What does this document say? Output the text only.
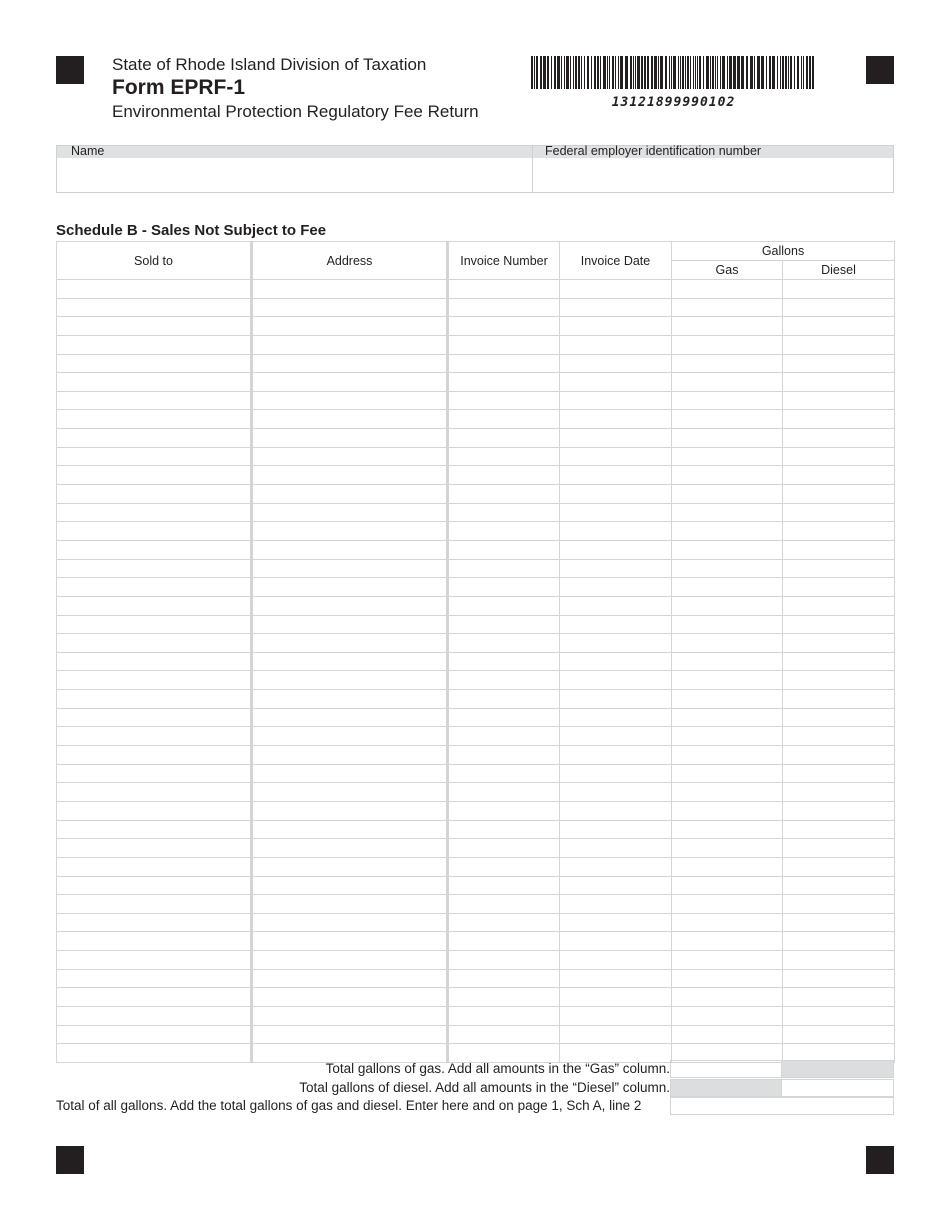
State of Rhode Island Division of Taxation
Form EPRF-1
Environmental Protection Regulatory Fee Return	13121899990102
Name	Federal employer identification number
Schedule B - Sales Not Subject to Fee
Sold to	Address	Invoice Number	Invoice Date	Gallons	
				Gas	Diesel

Total gallons of gas. Add all amounts in the “Gas” column.
Total gallons of diesel. Add all amounts in the “Diesel” column.
Total of all gallons. Add the total gallons of gas and diesel. Enter here and on page 1, Sch A, line 2
